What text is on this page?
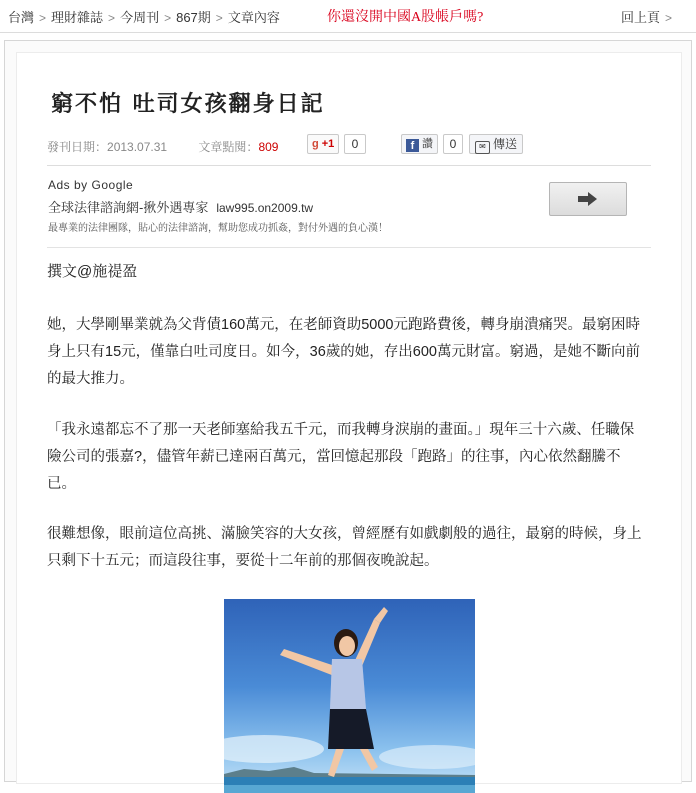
台灣 > 理財雜誌 > 今周刊 > 867期 > 文章內容	你還沒開中國A股帳戶嗎?	回上頁 >
窮不怕 吐司女孩翻身日記
發刊日期：2013.07.31	文章點閱：809	g +1	0	f 讚	0	✉ 傳送
Ads by Google
全球法律諮詢網-揪外遇專家 law995.on2009.tw
最專業的法律團隊，貼心的法律諮詢，幫助您成功抓姦，對付外遇的負心漢！
撰文@施禔盈
她，大學剛畢業就為父背債160萬元，在老師資助5000元跑路費後，轉身崩潰痛哭。最窮困時身上只有15元，僅靠白吐司度日。如今，36歲的她，存出600萬元財富。窮過，是她不斷向前的最大推力。
「我永遠都忘不了那一天老師塞給我五千元，而我轉身淚崩的畫面。」現年三十六歲、任職保險公司的張嘉?，儘管年薪已達兩百萬元，當回憶起那段「跑路」的往事，內心依然翻騰不已。
很難想像，眼前這位高挑、滿臉笑容的大女孩，曾經歷有如戲劇般的過往，最窮的時候，身上只剩下十五元；而這段往事，要從十二年前的那個夜晚說起。
